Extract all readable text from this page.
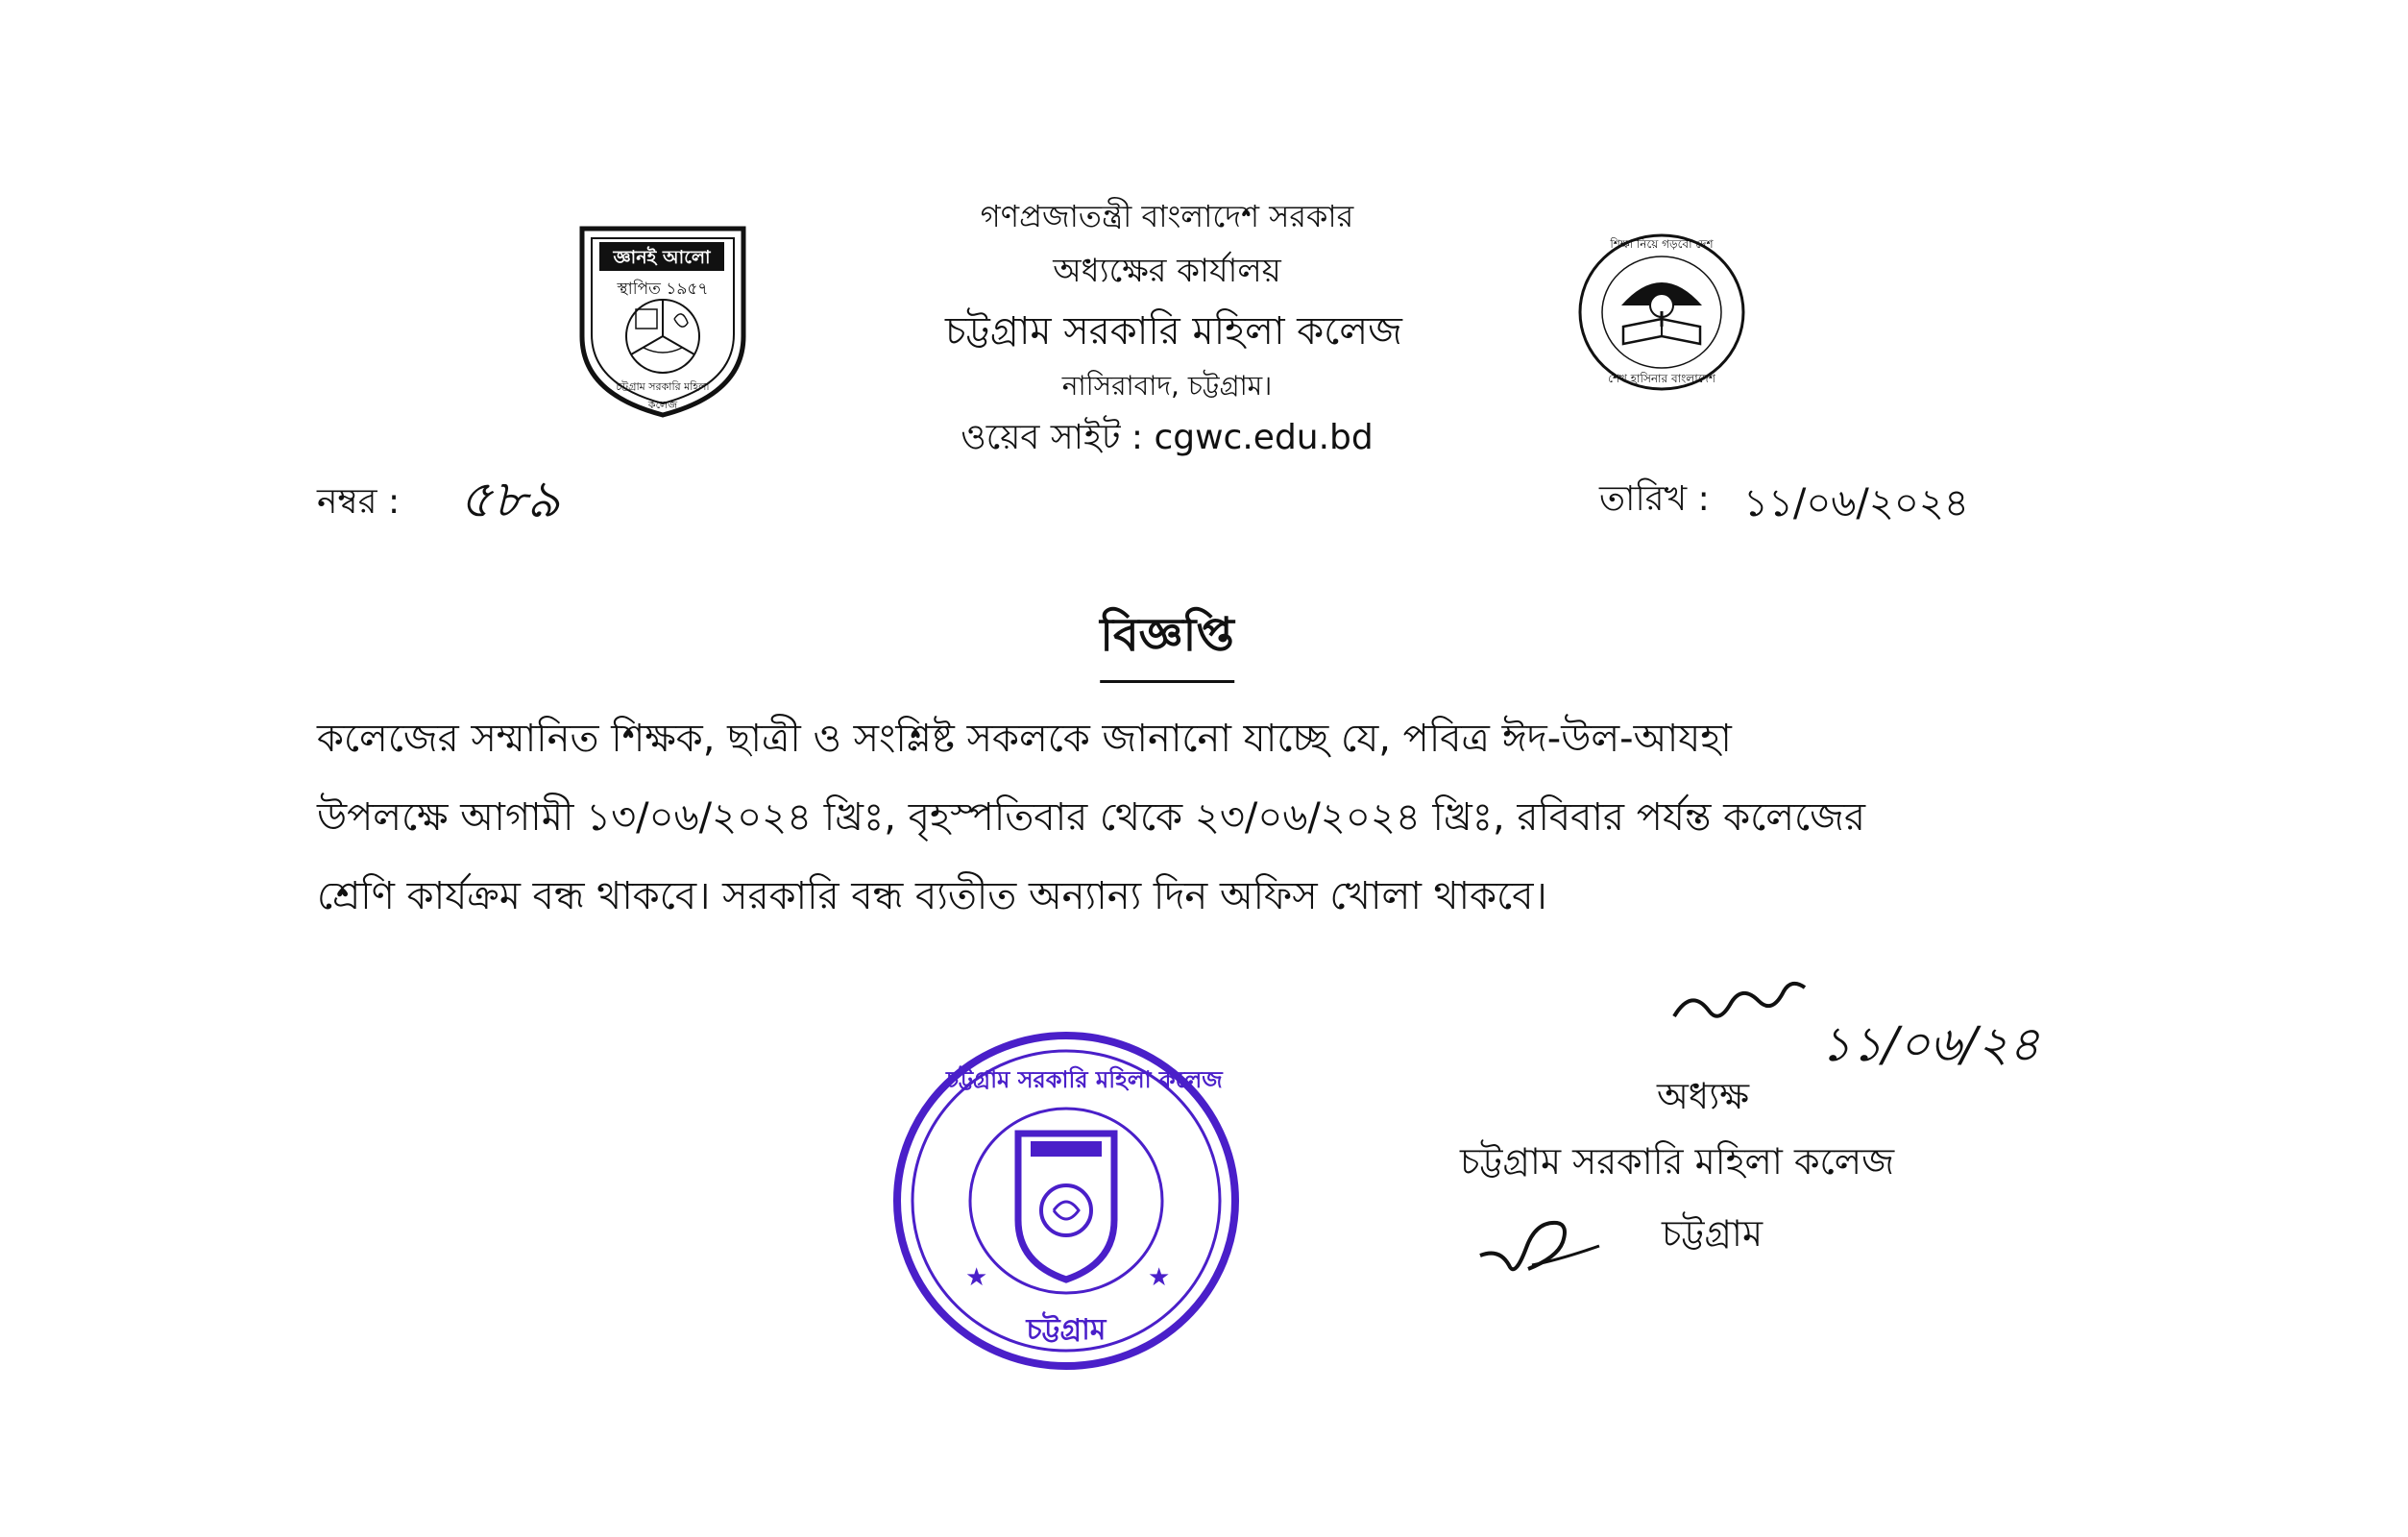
জ্ঞানই আলো
স্থাপিত ১৯৫৭
চট্টগ্রাম সরকারি মহিলা কলেজ
শিক্ষা নিয়ে গড়বো দেশ
শেখ হাসিনার বাংলাদেশ
গণপ্রজাতন্ত্রী বাংলাদেশ সরকার
অধ্যক্ষের কার্যালয়
চট্টগ্রাম সরকারি মহিলা কলেজ
নাসিরাবাদ, চট্টগ্রাম।
ওয়েব সাইট : cgwc.edu.bd
নম্বর : ৫৮৯	তারিখ : ১১/০৬/২০২৪
বিজ্ঞপ্তি
কলেজের সম্মানিত শিক্ষক, ছাত্রী ও সংশ্লিষ্ট সকলকে জানানো যাচ্ছে যে, পবিত্র ঈদ-উল-আযহা
উপলক্ষে আগামী ১৩/০৬/২০২৪ খ্রিঃ, বৃহস্পতিবার থেকে ২৩/০৬/২০২৪ খ্রিঃ, রবিবার পর্যন্ত কলেজের
শ্রেণি কার্যক্রম বন্ধ থাকবে। সরকারি বন্ধ ব্যতীত অন্যান্য দিন অফিস খোলা থাকবে।
★	★
চট্টগ্রাম সরকারি মহিলা কলেজ
চট্টগ্রাম
১১/০৬/২৪
অধ্যক্ষ
চট্টগ্রাম সরকারি মহিলা কলেজ
চট্টগ্রাম
